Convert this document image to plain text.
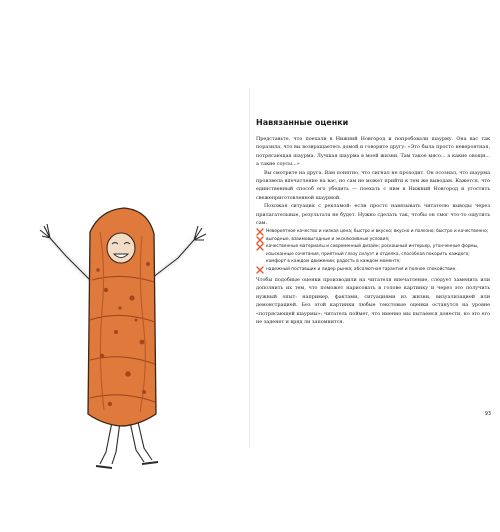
Навязанные оценки

Представьте, что поехали в Нижний Новгород и попробовали шаурму. Она вас так поразила, что вы возвращаетесь домой и говорите другу: «Это была просто невероятная, потрясающая шаурма. Лучшая шаурма в моей жизни. Там такое мясо... а какие овощи... а такие соусы...»

Вы смотрите на друга. Вам понятно, что сигнал не проходит. Он осознал, что шаурма произвела впечатление на вас, но сам не может прийти к тем же выводам. Кажется, что единственный способ его убедить — поехать с ним в Нижний Новгород и угостить свежеприготовленной шаурмой.

Похожая ситуация с рекламой: если просто навязывать читателю выводы через прилагательные, результата не будет. Нужно сделать так, чтобы он смог что-то ощутить сам.

Невероятное качество и низкая цена; быстро и вкусно; вкусно и полезно; быстро и качественно;
выгодные, взаимовыгодные и эксклюзивные условия;
качественные материалы и современный дизайн; роскошный интерьер, утонченные формы, изысканные сочетания, приятный глазу силуэт и отделка, способная покорить каждого; комфорт в каждом движении; радость в каждом моменте;
надежный поставщик и лидер рынка; абсолютная гарантия и полное спокойствие.

Чтобы подобные оценки производили на читателя впечатление, следует заменить или дополнить их тем, что поможет нарисовать в голове картинку и через это получить нужный опыт: например, фактами, ситуациями из жизни, визуализацией или демонстрацией. Без этой картинки любые текстовые оценки останутся на уровне «потрясающей шаурмы»: читатель поймет, что именно мы пытаемся донести, но это его не заденет и вряд ли запомнится.

93
